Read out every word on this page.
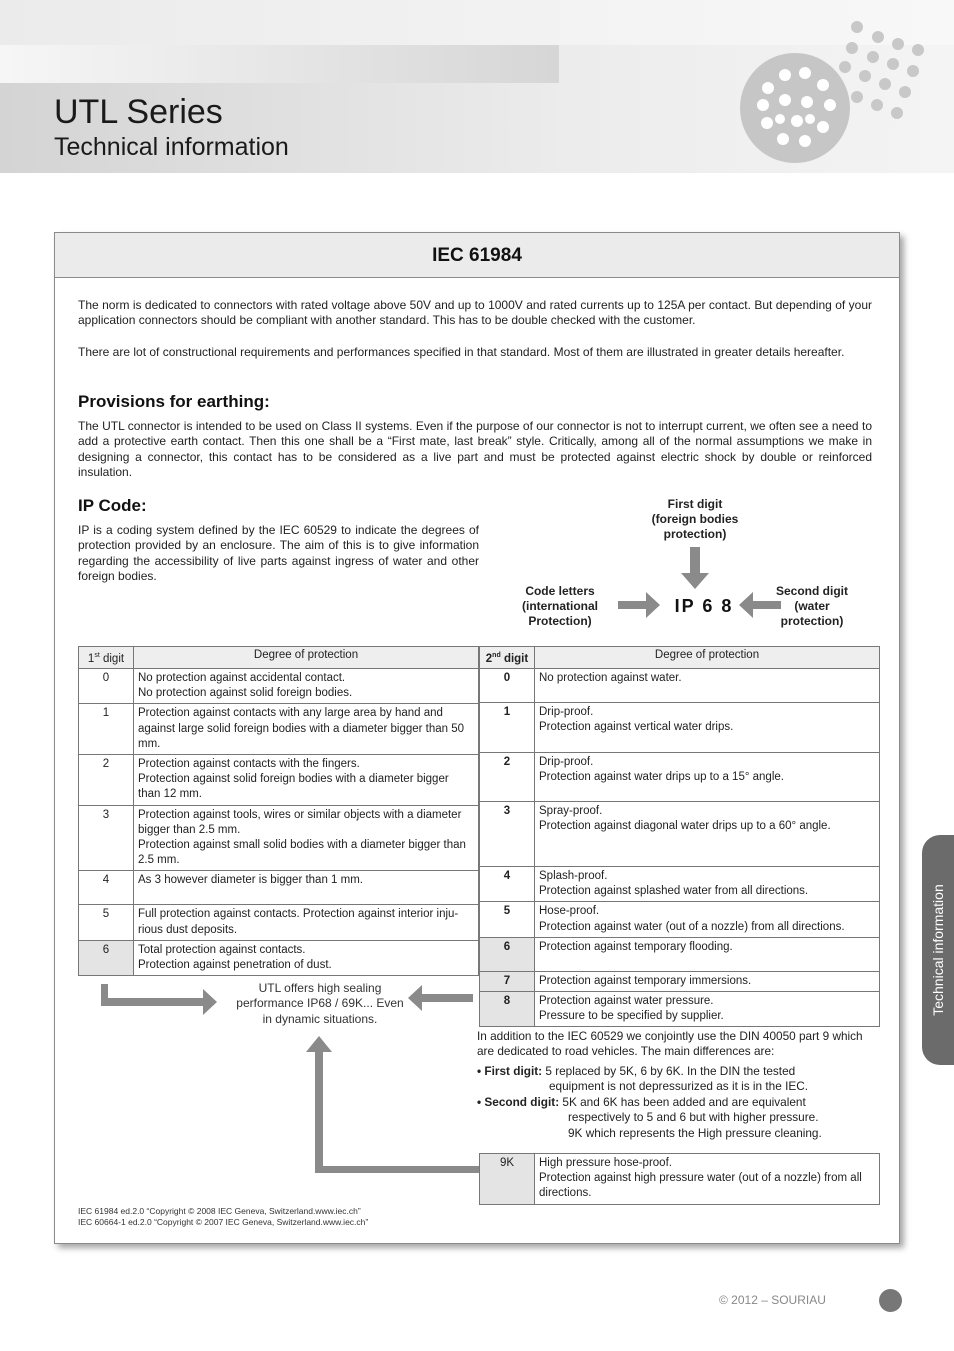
UTL Series
Technical information
IEC 61984
The norm is dedicated to connectors with rated voltage above 50V and up to 1000V and rated currents up to 125A per contact. But depending of your application connectors should be compliant with another standard. This has to be double checked with the customer.
There are lot of constructional requirements and performances specified in that standard. Most of them are illustrated in greater details hereafter.
Provisions for earthing:
The UTL connector is intended to be used on Class II systems. Even if the purpose of our connector is not to interrupt current, we often see a need to add a protective earth contact. Then this one shall be a “First mate, last break” style. Critically, among all of the normal assumptions we make in designing a connector, this contact has to be considered as a live part and must be protected against electric shock by double or reinforced insulation.
IP Code:
IP is a coding system defined by the IEC 60529 to indicate the degrees of protection provided by an enclosure. The aim of this is to give information regarding the accessibility of live parts against ingress of water and other foreign bodies.
First digit
(foreign bodies
protection)
Code letters
(international
Protection)
Second digit
(water
protection)
IP 6 8
1st digit	Degree of protection
0	No protection against accidental contact.
No protection against solid foreign bodies.

1	Protection against contacts with any large area by hand and against large solid foreign bodies with a diameter bigger than 50 mm.

2	Protection against contacts with the fingers.
Protection against solid foreign bodies with a diameter bigger than 12 mm.

3	Protection against tools, wires or similar objects with a diameter bigger than 2.5 mm.
Protection against small solid bodies with a diameter bigger than 2.5 mm.

4	As 3 however diameter is bigger than 1 mm.

5	Full protection against contacts. Protection against interior inju-rious dust deposits.

6	Total protection against contacts.
Protection against penetration of dust.
2nd digit	Degree of protection
0	No protection against water.

1	Drip-proof.
Protection against vertical water drips.

2	Drip-proof.
Protection against water drips up to a 15° angle.

3	Spray-proof.
Protection against diagonal water drips up to a 60° angle.

4	Splash-proof.
Protection against splashed water from all directions.

5	Hose-proof.
Protection against water (out of a nozzle) from all directions.

6	Protection against temporary flooding.

7	Protection against temporary immersions.

8	Protection against water pressure.
Pressure to be specified by supplier.
UTL offers high sealing performance IP68 / 69K... Even in dynamic situations.
In addition to the IEC 60529 we conjointly use the DIN 40050 part 9 which are dedicated to road vehicles. The main differences are:
• First digit: 5 replaced by 5K, 6 by 6K. In the DIN the tested
equipment is not depressurized as it is in the IEC.
• Second digit: 5K and 6K has been added and are equivalent
respectively to 5 and 6 but with higher pressure.
9K which represents the High pressure cleaning.
9K	High pressure hose-proof.
Protection against high pressure water (out of a nozzle) from all directions.
IEC 61984 ed.2.0 “Copyright © 2008 IEC Geneva, Switzerland.www.iec.ch”
IEC 60664-1 ed.2.0 “Copyright © 2007 IEC Geneva, Switzerland.www.iec.ch”
Technical information
© 2012 – SOURIAU
